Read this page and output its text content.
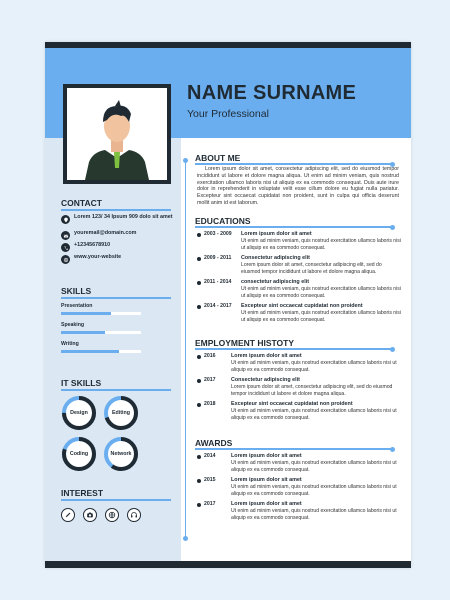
NAME SURNAME
Your Professional
CONTACT
Lorem 123/ 34 Ipsum 909 dolo sit amet
youremail@domain.com
+12345678910
www.your-website
SKILLS
Presentation
Speaking
Writing
IT SKILLS
Design	Editing
Coding	Network
INTEREST
ABOUT ME
Lorem ipsum dolor sit amet, consectetur adipiscing elit, sed do eiusmod tempor incididunt ut labore et dolore magna aliqua. Ut enim ad minim veniam, quis nostrud exercitation ullamco laboris nisi ut aliquip ex ea commodo consequat. Duis aute irure dolor in reprehenderit in voluptate velit esse cillum dolore eu fugiat nulla pariatur. Excepteur sint occaecat cupidatat non proident, sunt in culpa qui officia deserunt mollit anim id est laborum.
EDUCATIONS
2003 - 2009 Lorem ipsum dolor sit amet
Ut enim ad minim veniam, quis nostrud exercitation ullamco laboris nisi ut aliquip ex ea commodo consequat.
2009 - 2011 Consectetur adipiscing elit
Lorem ipsum dolor sit amet, consectetur adipiscing elit, sed do eiusmod tempor incididunt ut labore et dolore magna aliqua.
2011 - 2014 consectetur adipiscing elit
Ut enim ad minim veniam, quis nostrud exercitation ullamco laboris nisi ut aliquip ex ea commodo consequat.
2014 - 2017 Excepteur sint occaecat cupidatat non proident
Ut enim ad minim veniam, quis nostrud exercitation ullamco laboris nisi ut aliquip ex ea commodo consequat.
EMPLOYMENT HISTOTY
2016	Lorem ipsum dolor sit amet
Ut enim ad minim veniam, quis nostrud exercitation ullamco laboris nisi ut aliquip ex ea commodo consequat.
2017	Consectetur adipiscing elit
Lorem ipsum dolor sit amet, consectetur adipiscing elit, sed do eiusmod tempor incididunt ut labore et dolore magna aliqua.
2018	Excepteur sint occaecat cupidatat non proident
Ut enim ad minim veniam, quis nostrud exercitation ullamco laboris nisi ut aliquip ex ea commodo consequat.
AWARDS
2014	Lorem ipsum dolor sit amet
Ut enim ad minim veniam, quis nostrud exercitation ullamco laboris nisi ut aliquip ex ea commodo consequat.
2015	Lorem ipsum dolor sit amet
Ut enim ad minim veniam, quis nostrud exercitation ullamco laboris nisi ut aliquip ex ea commodo consequat.
2017	Lorem ipsum dolor sit amet
Ut enim ad minim veniam, quis nostrud exercitation ullamco laboris nisi ut aliquip ex ea commodo consequat.
